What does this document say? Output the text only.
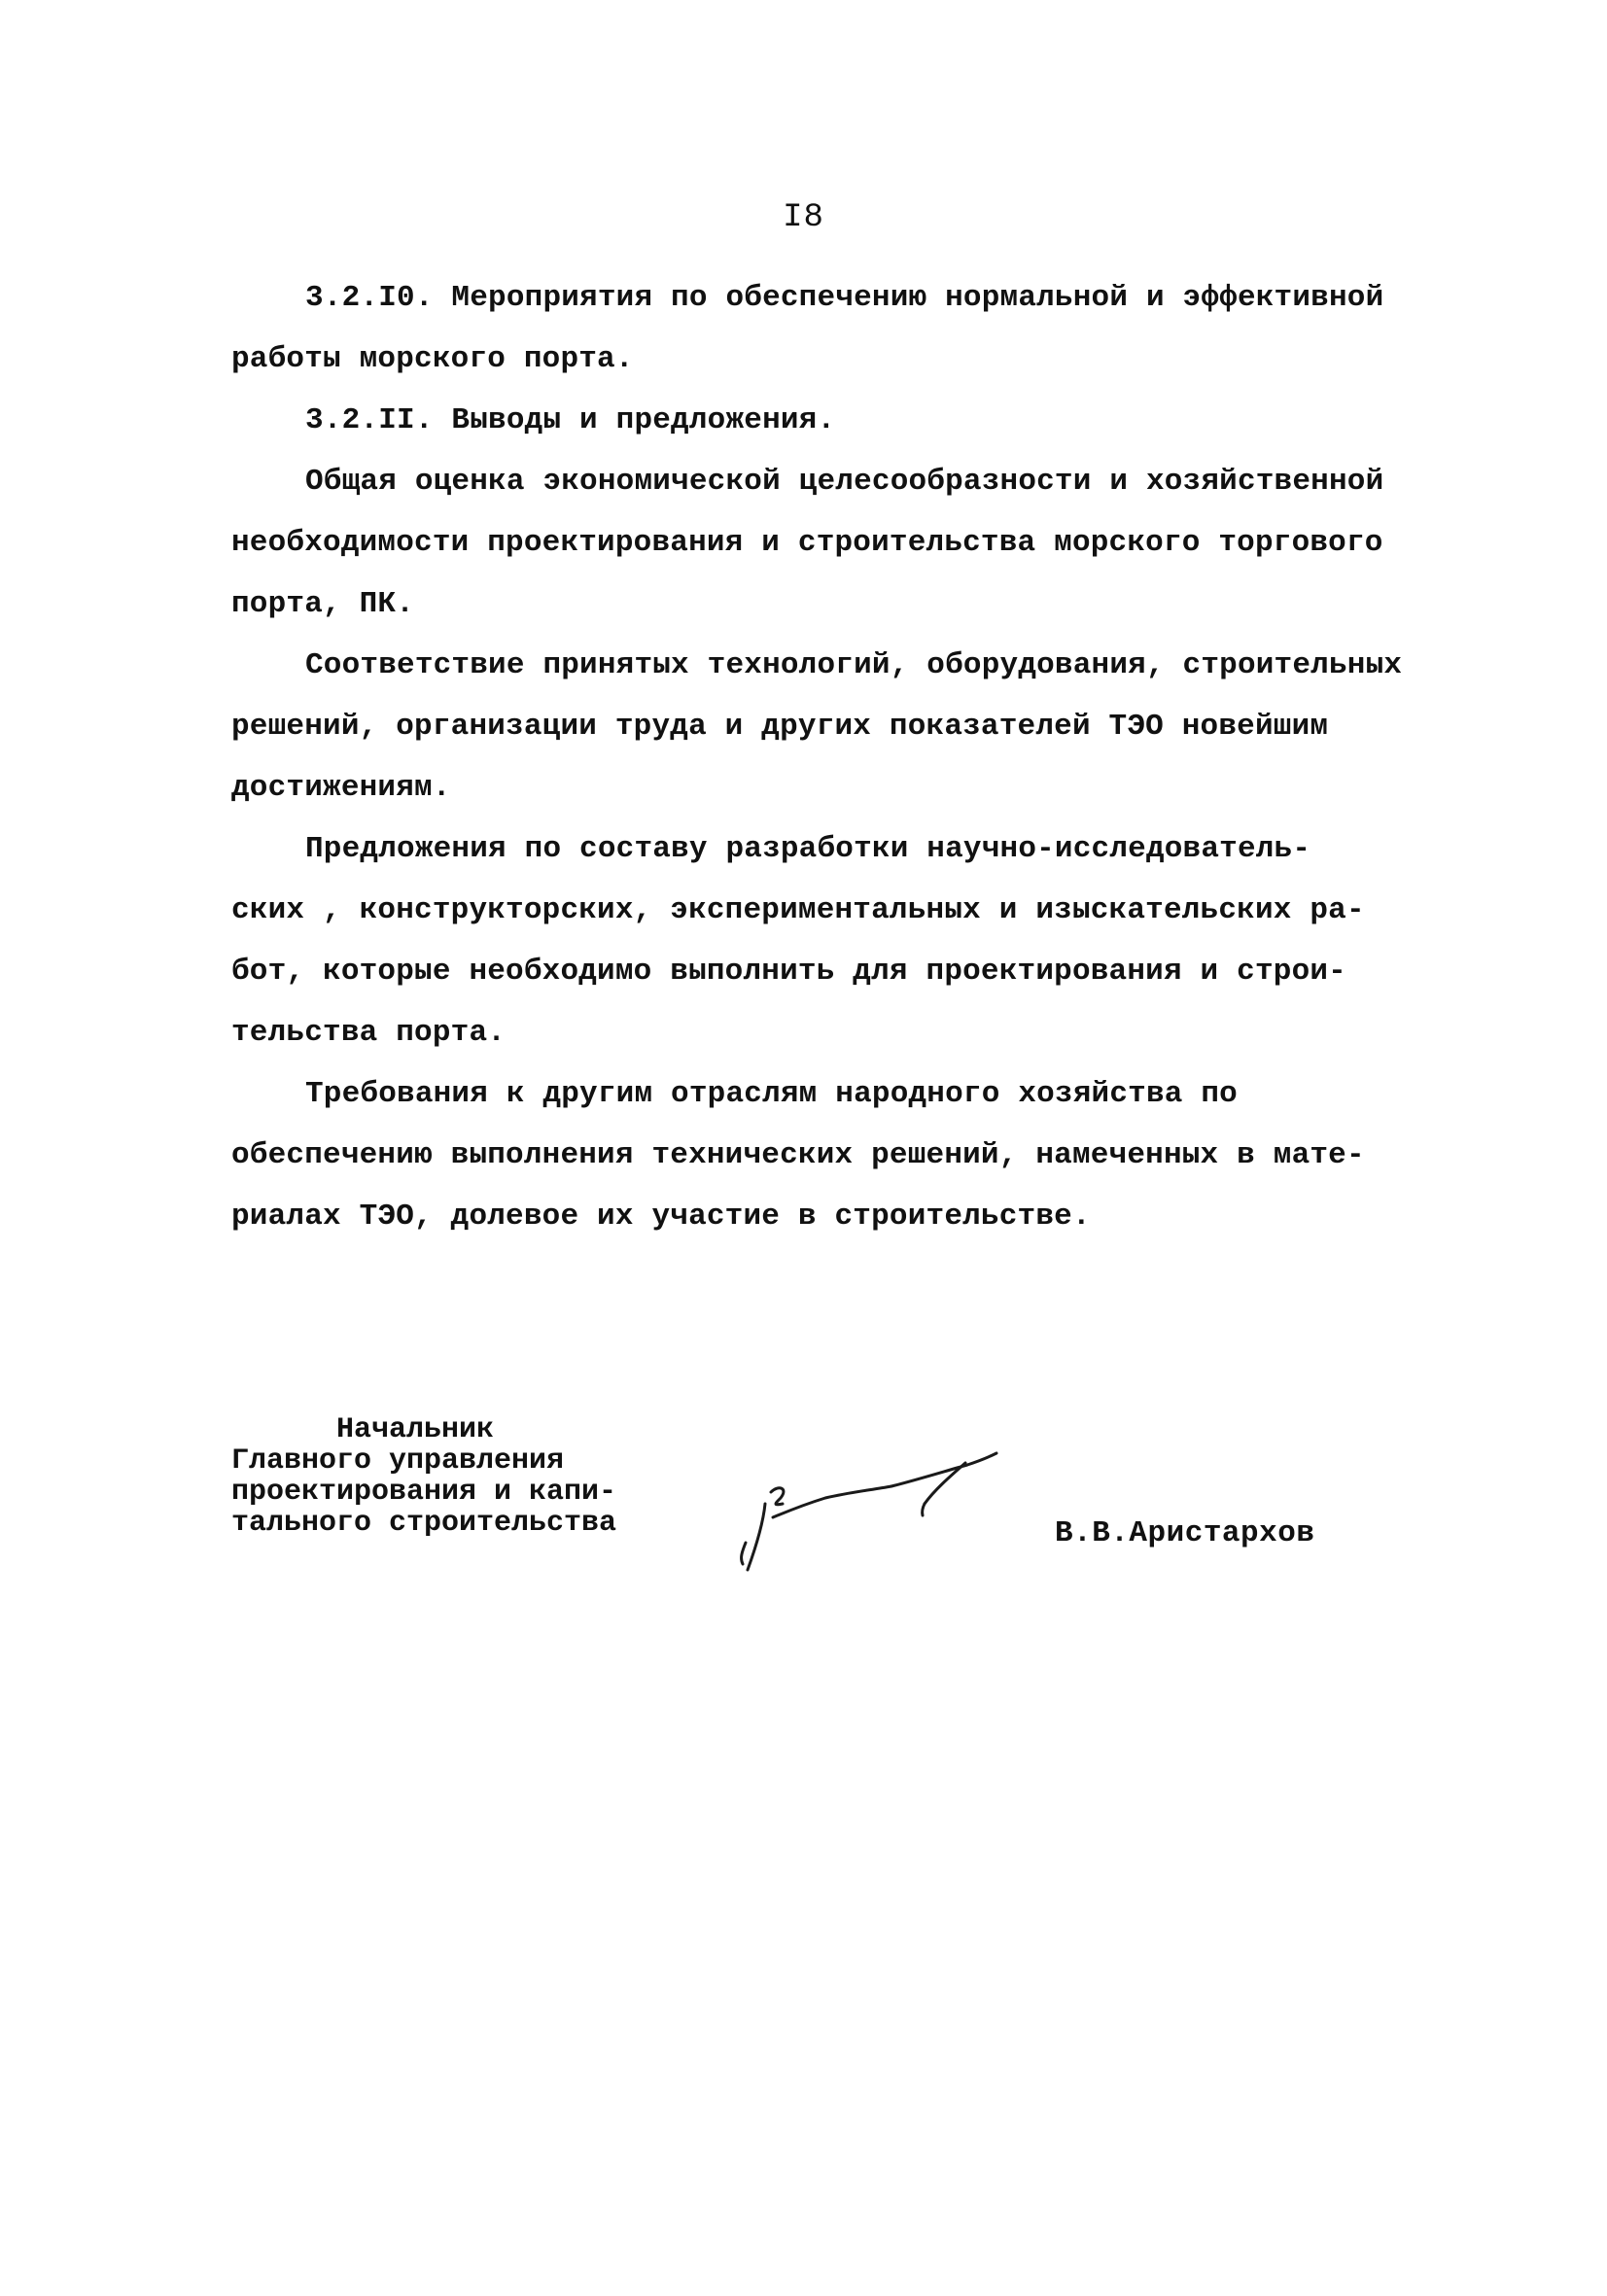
I8

3.2.I0. Мероприятия по обеспечению нормальной и эффективной
работы морского порта.

3.2.II. Выводы и предложения.

Общая оценка экономической целесообразности и хозяйственной
необходимости проектирования и строительства морского торгового
порта, ПК.

Соответствие принятых технологий, оборудования, строительных
решений, организации труда и других показателей ТЭО новейшим
достижениям.

Предложения по составу разработки научно-исследователь-
ских , конструкторских, экспериментальных и изыскательских ра-
бот, которые необходимо выполнить для проектирования и строи-
тельства порта.

Требования к другим отраслям народного хозяйства по
обеспечению выполнения технических решений, намеченных в мате-
риалах ТЭО, долевое их участие в строительстве.

Начальник
Главного управления
проектирования и капи-
тального строительства	В.В.Аристархов
